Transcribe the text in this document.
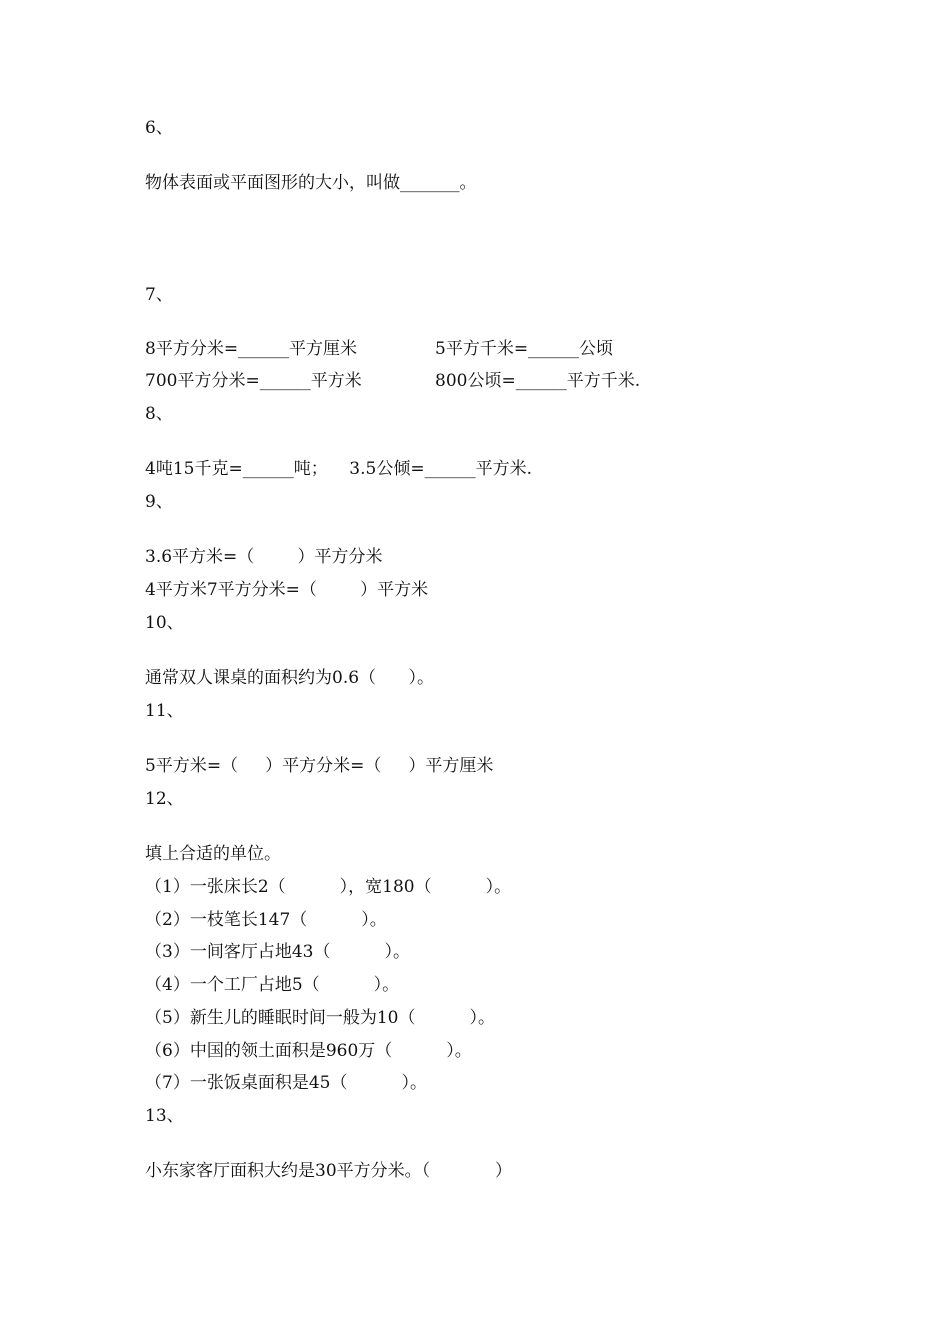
6、
物体表面或平面图形的大小，叫做_______。
7、
8平方分米=______平方厘米	5平方千米=______公顷
700平方分米=______平方米	800公顷=______平方千米.
8、
4吨15千克=______吨；    3.5公倾=______平方米.
9、
3.6平方米=（        ）平方分米
4平方米7平方分米=（        ）平方米
10、
通常双人课桌的面积约为0.6（      ）。
11、
5平方米=（     ）平方分米=（     ）平方厘米
12、
填上合适的单位。
（1）一张床长2（          ），宽180（          ）。
（2）一枝笔长147（          ）。
（3）一间客厅占地43（          ）。
（4）一个工厂占地5（          ）。
（5）新生儿的睡眠时间一般为10（          ）。
（6）中国的领土面积是960万（          ）。
（7）一张饭桌面积是45（          ）。
13、
小东家客厅面积大约是30平方分米。（            ）
